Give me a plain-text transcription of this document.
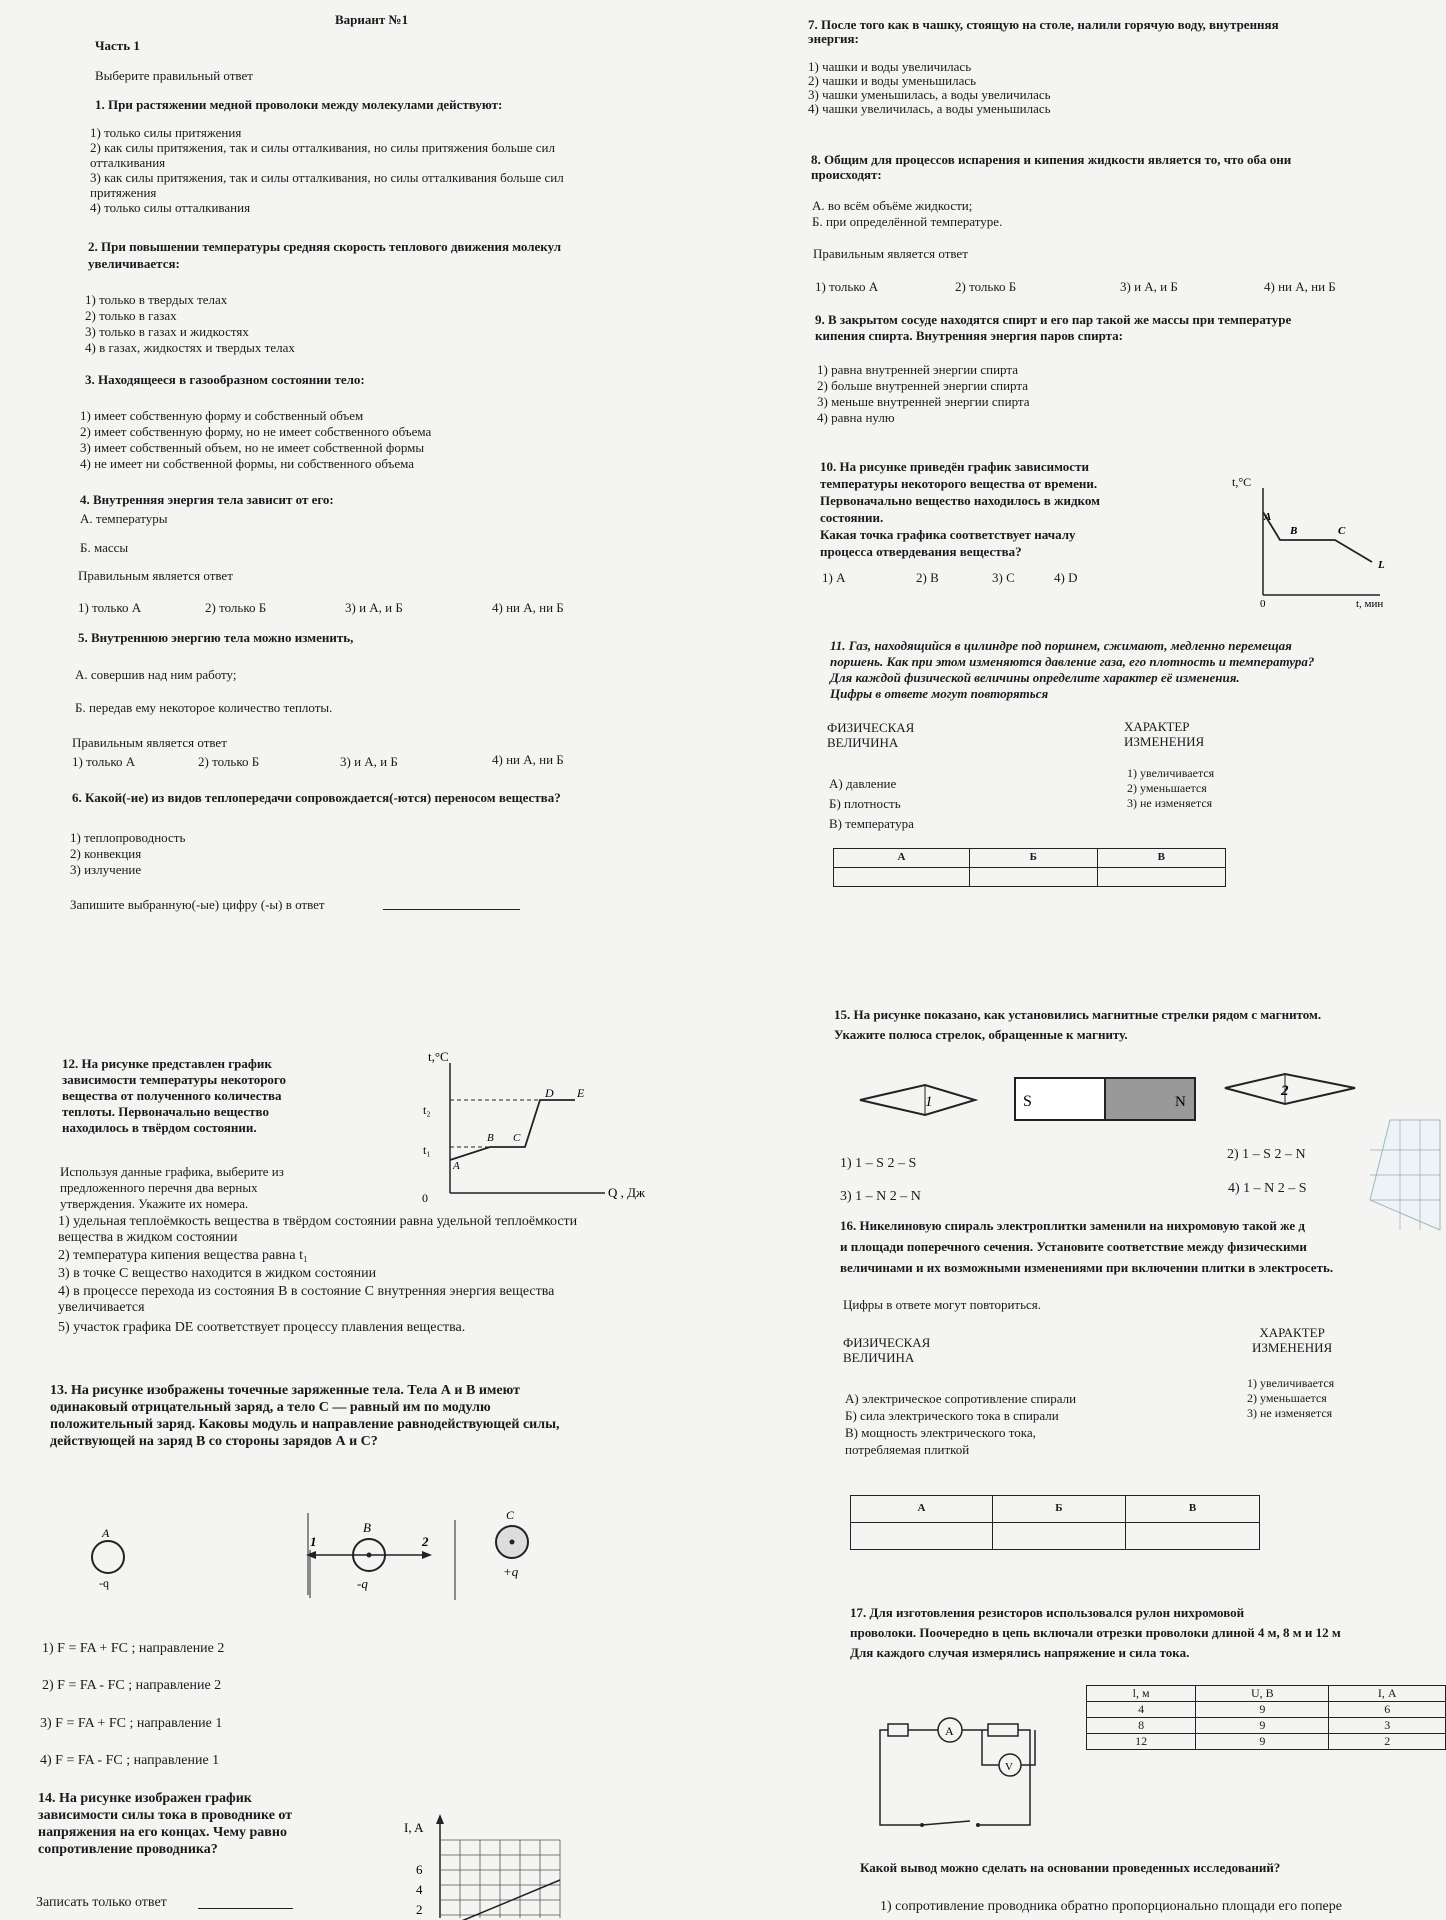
Вариант №1
Часть 1
Выберите правильный ответ
1. При растяжении медной проволоки между молекулами действуют:
1) только силы притяжения
2) как силы притяжения, так и силы отталкивания, но силы притяжения больше сил
отталкивания
3) как силы притяжения, так и силы отталкивания, но силы отталкивания больше сил
притяжения
4) только силы отталкивания
2. При повышении температуры средняя скорость теплового движения молекул
увеличивается:
1) только в твердых телах
2) только в газах
3) только в газах и жидкостях
4) в газах, жидкостях и твердых телах
3. Находящееся в газообразном состоянии тело:
1) имеет собственную форму и собственный объем
2) имеет собственную форму, но не имеет собственного объема
3) имеет собственный объем, но не имеет собственной формы
4) не имеет ни собственной формы, ни собственного объема
4. Внутренняя энергия тела зависит от его:
А. температуры
Б. массы
Правильным является ответ
1) только А	2) только Б	3) и А, и Б	4) ни А, ни Б
5. Внутреннюю энергию тела можно изменить,
А. совершив над ним работу;
Б. передав ему некоторое количество теплоты.
Правильным является ответ
1) только А	2) только Б	3) и А, и Б	4) ни А, ни Б
6. Какой(-ие) из видов теплопередачи сопровождается(-ются) переносом вещества?
1) теплопроводность
2) конвекция
3) излучение
Запишите выбранную(-ые) цифру (-ы) в ответ
12. На рисунке представлен график
зависимости температуры некоторого
вещества от полученного количества
теплоты. Первоначально вещество
находилось в твёрдом состоянии.
Используя данные графика, выберите из
предложенного перечня два верных
утверждения. Укажите их номера.
t,°C
Q , Дж
0
t₂
t₁
A
B C
D E
1) удельная теплоёмкость вещества в твёрдом состоянии равна удельной теплоёмкости
вещества в жидком состоянии
2) температура кипения вещества равна t₁
3) в точке С вещество находится в жидком состоянии
4) в процессе перехода из состояния В в состояние С внутренняя энергия вещества
увеличивается
5) участок графика DE соответствует процессу плавления вещества.
13. На рисунке изображены точечные заряженные тела. Тела А и В имеют
одинаковый отрицательный заряд, а тело С — равный им по модулю
положительный заряд. Каковы модуль и направление равнодействующей силы,
действующей на заряд В со стороны зарядов А и С?
A
-q
B
-q
1	2
C
+q
1) F = FA + FC ; направление 2
2) F = FA - FC ; направление 2
3) F = FA + FC ; направление 1
4) F = FA - FC ; направление 1
14. На рисунке изображен график
зависимости силы тока в проводнике от
напряжения на его концах. Чему равно
сопротивление проводника?
Записать только ответ
I, A
6
4
2
7. После того как в чашку, стоящую на столе, налили горячую воду, внутренняя
энергия:
1) чашки и воды увеличилась
2) чашки и воды уменьшилась
3) чашки уменьшилась, а воды увеличилась
4) чашки увеличилась, а воды уменьшилась
8. Общим для процессов испарения и кипения жидкости является то, что оба они
происходят:
А. во всём объёме жидкости;
Б. при определённой температуре.
Правильным является ответ
1) только А	2) только Б	3) и А, и Б	4) ни А, ни Б
9. В закрытом сосуде находятся спирт и его пар такой же массы при температуре
кипения спирта. Внутренняя энергия паров спирта:
1) равна внутренней энергии спирта
2) больше внутренней энергии спирта
3) меньше внутренней энергии спирта
4) равна нулю
10. На рисунке приведён график зависимости
температуры некоторого вещества от времени.
Первоначально вещество находилось в жидком
состоянии.
Какая точка графика соответствует началу
процесса отвердевания вещества?
1) А	2) В	3) С	4) D
t,°C
t, мин
0
A
B	C
L
11. Газ, находящийся в цилиндре под поршнем, сжимают, медленно перемещая
поршень. Как при этом изменяются давление газа, его плотность и температура?
Для каждой физической величины определите характер её изменения.
Цифры в ответе могут повторяться
ФИЗИЧЕСКАЯ
ВЕЛИЧИНА
ХАРАКТЕР
ИЗМЕНЕНИЯ
А) давление
Б) плотность
В) температура
1) увеличивается
2) уменьшается
3) не изменяется
А	Б	В

15. На рисунке показано, как установились магнитные стрелки рядом с магнитом.
Укажите полюса стрелок, обращенные к магниту.
1	S	N
2
1) 1 – S 2 – S
2) 1 – S 2 – N
3) 1 – N 2 – N
4) 1 – N 2 – S
16. Никелиновую спираль электроплитки заменили на нихромовую такой же д
и площади поперечного сечения. Установите соответствие между физическими
величинами и их возможными изменениями при включении плитки в электросеть.
Цифры в ответе могут повториться.
ФИЗИЧЕСКАЯ
ВЕЛИЧИНА
ХАРАКТЕР
ИЗМЕНЕНИЯ
А) электрическое сопротивление спирали
Б) сила электрического тока в спирали
В) мощность электрического тока,
потребляемая плиткой
1) увеличивается
2) уменьшается
3) не изменяется
А	Б	В

17. Для изготовления резисторов использовался рулон нихромовой
проволоки. Поочередно в цепь включали отрезки проволоки длиной 4 м, 8 м и 12 м
Для каждого случая измерялись напряжение и сила тока.
A
V
l, м	U, В	I, А
4	9	6
8	9	3
12	9	2
Какой вывод можно сделать на основании проведенных исследований?
1) сопротивление проводника обратно пропорционально площади его попере
